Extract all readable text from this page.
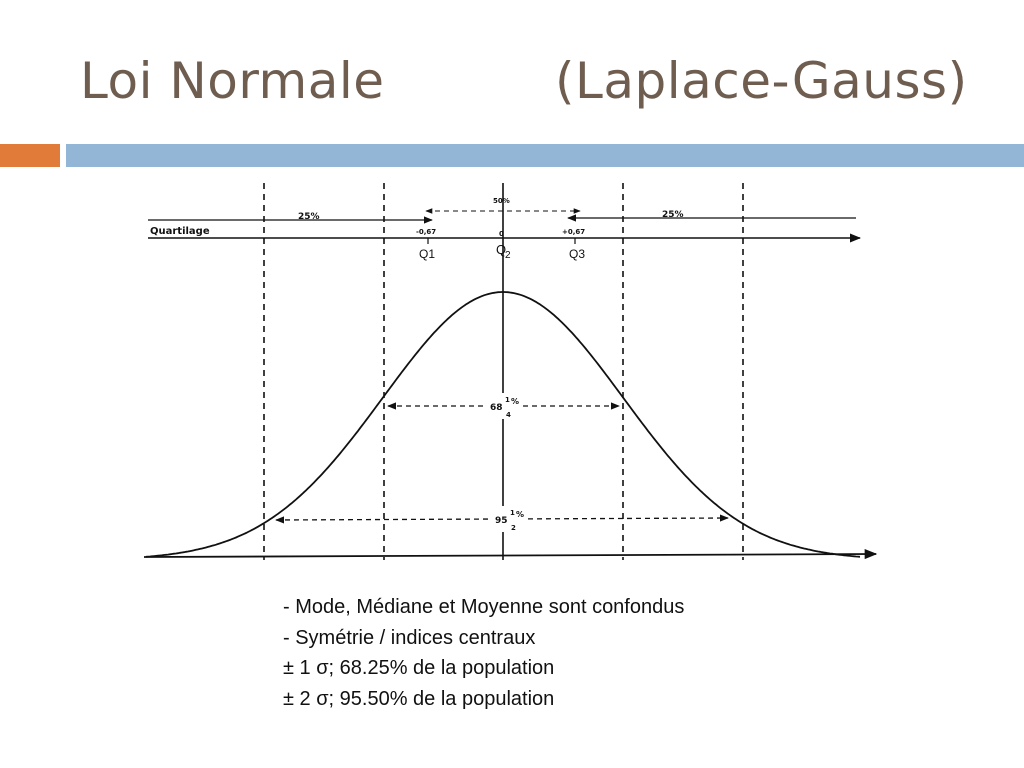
Loi Normale	(Laplace-Gauss)
Quartilage
25%	25%
50%
-0,67	0	+0,67
Q1	Q
2	Q3
68
1 %
4
95
1 %
2
- Mode, Médiane et Moyenne sont confondus
- Symétrie / indices centraux
± 1 σ; 68.25% de la population
± 2 σ; 95.50% de la population
